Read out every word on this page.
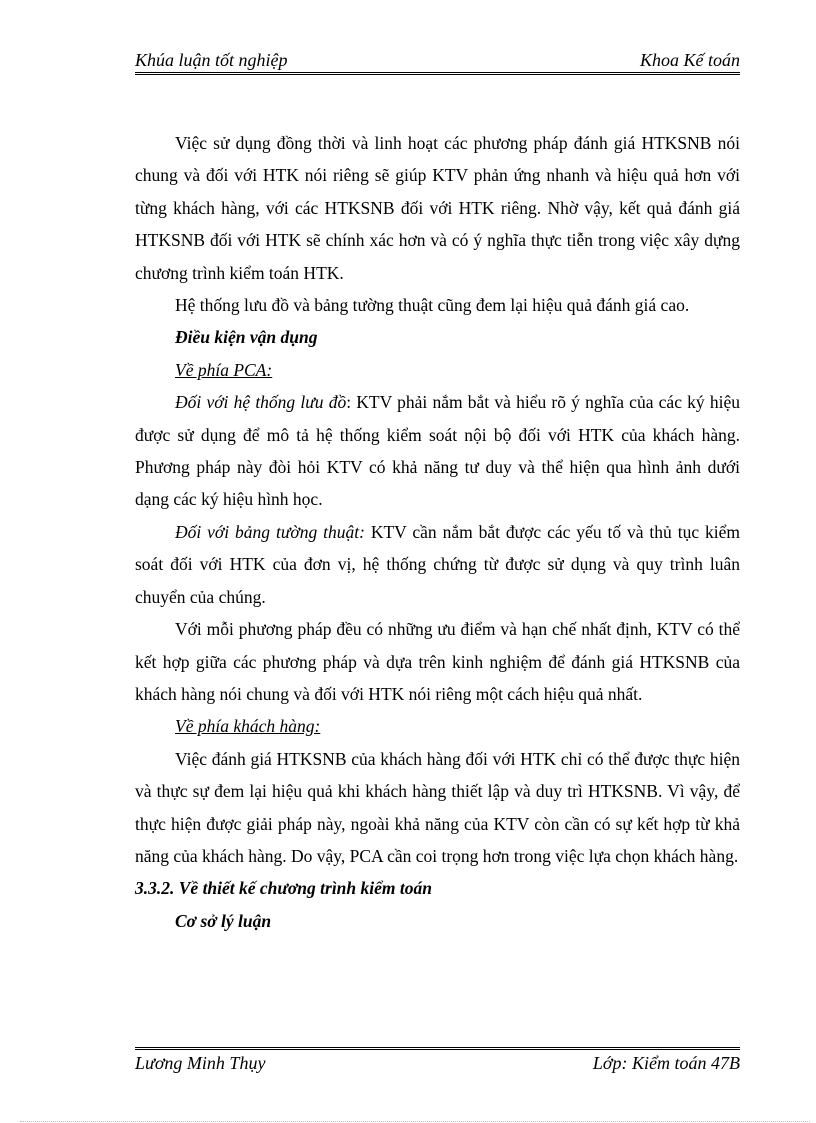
Khúa luận tốt nghiệp	Khoa Kế toán

Việc sử dụng đồng thời và linh hoạt các phương pháp đánh giá HTKSNB nói chung và đối với HTK nói riêng sẽ giúp KTV phản ứng nhanh và hiệu quả hơn với từng khách hàng, với các HTKSNB đối với HTK riêng. Nhờ vậy, kết quả đánh giá HTKSNB đối với HTK sẽ chính xác hơn và có ý nghĩa thực tiễn trong việc xây dựng chương trình kiểm toán HTK.

Hệ thống lưu đồ và bảng tường thuật cũng đem lại hiệu quả đánh giá cao.

Điều kiện vận dụng

Về phía PCA:

Đối với hệ thống lưu đồ: KTV phải nắm bắt và hiểu rõ ý nghĩa của các ký hiệu được sử dụng để mô tả hệ thống kiểm soát nội bộ đối với HTK của khách hàng. Phương pháp này đòi hỏi KTV có khả năng tư duy và thể hiện qua hình ảnh dưới dạng các ký hiệu hình học.

Đối với bảng tường thuật: KTV cần nắm bắt được các yếu tố và thủ tục kiểm soát đối với HTK của đơn vị, hệ thống chứng từ được sử dụng và quy trình luân chuyển của chúng.

Với mỗi phương pháp đều có những ưu điểm và hạn chế nhất định, KTV có thể kết hợp giữa các phương pháp và dựa trên kinh nghiệm để đánh giá HTKSNB của khách hàng nói chung và đối với HTK nói riêng một cách hiệu quả nhất.

Về phía khách hàng:

Việc đánh giá HTKSNB của khách hàng đối với HTK chỉ có thể được thực hiện và thực sự đem lại hiệu quả khi khách hàng thiết lập và duy trì HTKSNB. Vì vậy, để thực hiện được giải pháp này, ngoài khả năng của KTV còn cần có sự kết hợp từ khả năng của khách hàng. Do vậy, PCA cần coi trọng hơn trong việc lựa chọn khách hàng.

3.3.2. Về thiết kế chương trình kiểm toán

Cơ sở lý luận

Lương Minh Thụy	Lớp: Kiểm toán 47B
